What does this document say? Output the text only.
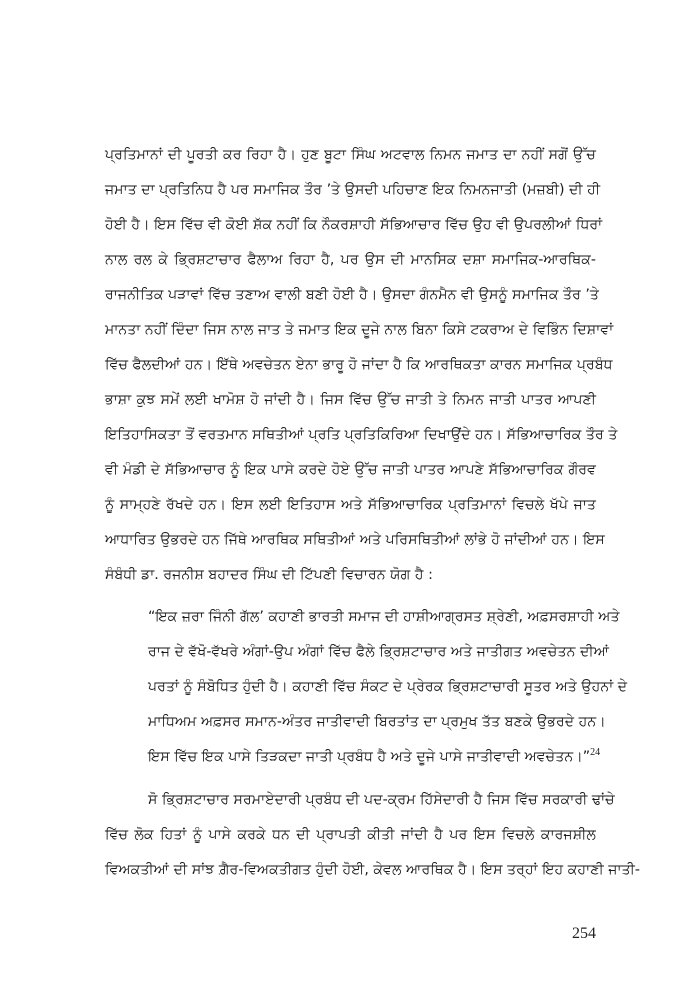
ਪ੍ਰਤਿਮਾਨਾਂ ਦੀ ਪੂਰਤੀ ਕਰ ਰਿਹਾ ਹੈ। ਹੁਣ ਬੂਟਾ ਸਿੰਘ ਅਟਵਾਲ ਨਿਮਨ ਜਮਾਤ ਦਾ ਨਹੀਂ ਸਗੋਂ ਉੱਚ
ਜਮਾਤ ਦਾ ਪ੍ਰਤਿਨਿਧ ਹੈ ਪਰ ਸਮਾਜਿਕ ਤੌਰ ’ਤੇ ਉਸਦੀ ਪਹਿਚਾਣ ਇਕ ਨਿਮਨਜਾਤੀ (ਮਜ਼ਬੀ) ਦੀ ਹੀ
ਹੋਈ ਹੈ। ਇਸ ਵਿੱਚ ਵੀ ਕੋਈ ਸ਼ੱਕ ਨਹੀਂ ਕਿ ਨੌਕਰਸ਼ਾਹੀ ਸੱਭਿਆਚਾਰ ਵਿੱਚ ਉਹ ਵੀ ਉਪਰਲੀਆਂ ਧਿਰਾਂ
ਨਾਲ ਰਲ ਕੇ ਭ੍ਰਿਸ਼ਟਾਚਾਰ ਫੈਲਾਅ ਰਿਹਾ ਹੈ, ਪਰ ਉਸ ਦੀ ਮਾਨਸਿਕ ਦਸ਼ਾ ਸਮਾਜਿਕ-ਆਰਥਿਕ-
ਰਾਜਨੀਤਿਕ ਪੜਾਵਾਂ ਵਿੱਚ ਤਣਾਅ ਵਾਲੀ ਬਣੀ ਹੋਈ ਹੈ। ਉਸਦਾ ਗੰਨਮੈਨ ਵੀ ਉਸਨੂੰ ਸਮਾਜਿਕ ਤੌਰ ’ਤੇ
ਮਾਨਤਾ ਨਹੀਂ ਦਿੰਦਾ ਜਿਸ ਨਾਲ ਜਾਤ ਤੇ ਜਮਾਤ ਇਕ ਦੂਜੇ ਨਾਲ ਬਿਨਾ ਕਿਸੇ ਟਕਰਾਅ ਦੇ ਵਿਭਿੰਨ ਦਿਸ਼ਾਵਾਂ
ਵਿੱਚ ਫੈਲਦੀਆਂ ਹਨ। ਇੱਥੇ ਅਵਚੇਤਨ ਏਨਾ ਭਾਰੂ ਹੋ ਜਾਂਦਾ ਹੈ ਕਿ ਆਰਥਿਕਤਾ ਕਾਰਨ ਸਮਾਜਿਕ ਪ੍ਰਬੰਧ
ਭਾਸ਼ਾ ਕੁਝ ਸਮੇਂ ਲਈ ਖਾਮੋਸ਼ ਹੋ ਜਾਂਦੀ ਹੈ। ਜਿਸ ਵਿੱਚ ਉੱਚ ਜਾਤੀ ਤੇ ਨਿਮਨ ਜਾਤੀ ਪਾਤਰ ਆਪਣੀ
ਇਤਿਹਾਸਿਕਤਾ ਤੋਂ ਵਰਤਮਾਨ ਸਥਿਤੀਆਂ ਪ੍ਰਤਿ ਪ੍ਰਤਿਕਿਰਿਆ ਦਿਖਾਉਂਦੇ ਹਨ। ਸੱਭਿਆਚਾਰਿਕ ਤੌਰ ਤੇ
ਵੀ ਮੰਡੀ ਦੇ ਸੱਭਿਆਚਾਰ ਨੂੰ ਇਕ ਪਾਸੇ ਕਰਦੇ ਹੋਏ ਉੱਚ ਜਾਤੀ ਪਾਤਰ ਆਪਣੇ ਸੱਭਿਆਚਾਰਿਕ ਗੌਰਵ
ਨੂੰ ਸਾਮ੍ਹਣੇ ਰੱਖਦੇ ਹਨ। ਇਸ ਲਈ ਇਤਿਹਾਸ ਅਤੇ ਸੱਭਿਆਚਾਰਿਕ ਪ੍ਰਤਿਮਾਨਾਂ ਵਿਚਲੇ ਖੱਪੇ ਜਾਤ
ਆਧਾਰਿਤ ਉਭਰਦੇ ਹਨ ਜਿੱਥੇ ਆਰਥਿਕ ਸਥਿਤੀਆਂ ਅਤੇ ਪਰਿਸਥਿਤੀਆਂ ਲਾਂਭੇ ਹੋ ਜਾਂਦੀਆਂ ਹਨ। ਇਸ
ਸੰਬੰਧੀ ਡਾ. ਰਜਨੀਸ਼ ਬਹਾਦਰ ਸਿੰਘ ਦੀ ਟਿੱਪਣੀ ਵਿਚਾਰਨ ਯੋਗ ਹੈ :
“ਇਕ ਜ਼ਰਾ ਜਿੰਨੀ ਗੱਲ’ ਕਹਾਣੀ ਭਾਰਤੀ ਸਮਾਜ ਦੀ ਹਾਸ਼ੀਆਗ੍ਰਸਤ ਸ਼੍ਰੇਣੀ, ਅਫ਼ਸਰਸ਼ਾਹੀ ਅਤੇ
ਰਾਜ ਦੇ ਵੱਖੋ-ਵੱਖਰੇ ਅੰਗਾਂ-ਉਪ ਅੰਗਾਂ ਵਿੱਚ ਫੈਲੇ ਭ੍ਰਿਸ਼ਟਾਚਾਰ ਅਤੇ ਜਾਤੀਗਤ ਅਵਚੇਤਨ ਦੀਆਂ
ਪਰਤਾਂ ਨੂੰ ਸੰਬੋਧਿਤ ਹੁੰਦੀ ਹੈ। ਕਹਾਣੀ ਵਿੱਚ ਸੰਕਟ ਦੇ ਪ੍ਰੇਰਕ ਭ੍ਰਿਸ਼ਟਾਚਾਰੀ ਸੂਤਰ ਅਤੇ ਉਹਨਾਂ ਦੇ
ਮਾਧਿਅਮ ਅਫ਼ਸਰ ਸਮਾਨ-ਅੰਤਰ ਜਾਤੀਵਾਦੀ ਬਿਰਤਾਂਤ ਦਾ ਪ੍ਰਮੁਖ ਤੱਤ ਬਣਕੇ ਉਭਰਦੇ ਹਨ।
ਇਸ ਵਿੱਚ ਇਕ ਪਾਸੇ ਤਿੜਕਦਾ ਜਾਤੀ ਪ੍ਰਬੰਧ ਹੈ ਅਤੇ ਦੂਜੇ ਪਾਸੇ ਜਾਤੀਵਾਦੀ ਅਵਚੇਤਨ।”$^{24}$
ਸੋ ਭ੍ਰਿਸ਼ਟਾਚਾਰ ਸਰਮਾਏਦਾਰੀ ਪ੍ਰਬੰਧ ਦੀ ਪਦ-ਕ੍ਰਮ ਹਿੱਸੇਦਾਰੀ ਹੈ ਜਿਸ ਵਿੱਚ ਸਰਕਾਰੀ ਢਾਂਚੇ
ਵਿੱਚ ਲੋਕ ਹਿਤਾਂ ਨੂੰ ਪਾਸੇ ਕਰਕੇ ਧਨ ਦੀ ਪ੍ਰਾਪਤੀ ਕੀਤੀ ਜਾਂਦੀ ਹੈ ਪਰ ਇਸ ਵਿਚਲੇ ਕਾਰਜਸ਼ੀਲ
ਵਿਅਕਤੀਆਂ ਦੀ ਸਾਂਝ ਗ਼ੈਰ-ਵਿਅਕਤੀਗਤ ਹੁੰਦੀ ਹੋਈ, ਕੇਵਲ ਆਰਥਿਕ ਹੈ। ਇਸ ਤਰ੍ਹਾਂ ਇਹ ਕਹਾਣੀ ਜਾਤੀ-
254
